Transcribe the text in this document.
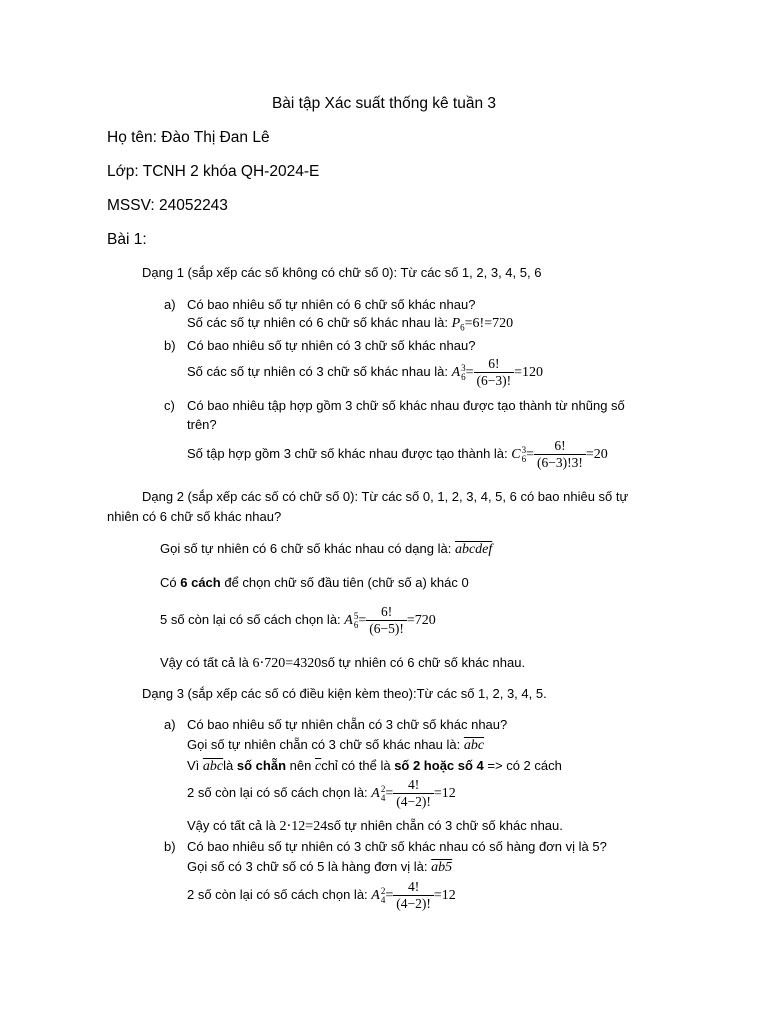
Bài tập Xác suất thống kê tuần 3
Họ tên: Đào Thị Đan Lê
Lớp: TCNH 2 khóa QH-2024-E
MSSV: 24052243
Bài 1:
Dạng 1 (sắp xếp các số không có chữ số 0): Từ các số 1, 2, 3, 4, 5, 6
a) Có bao nhiêu số tự nhiên có 6 chữ số khác nhau?
Số các số tự nhiên có 6 chữ số khác nhau là: $P_6=6!=720$
b) Có bao nhiêu số tự nhiên có 3 chữ số khác nhau?
Số các số tự nhiên có 3 chữ số khác nhau là: A 3
$6 = \frac{6!}{(6-3)!} =120$
c) Có bao nhiêu tập hợp gồm 3 chữ số khác nhau được tạo thành từ nhũng số
trên?
Số tập hợp gồm 3 chữ số khác nhau được tạo thành là: C 3
$6 = \frac{6!}{(6-3)!3!} =20$
Dạng 2 (sắp xếp các số có chữ số 0): Từ các số 0, 1, 2, 3, 4, 5, 6 có bao nhiêu số tự
nhiên có 6 chữ số khác nhau?
Gọi số tự nhiên có 6 chữ số khác nhau có dạng là: abcdef
Có 6 cách để chọn chữ số đầu tiên (chữ số a) khác 0
5 số còn lại có số cách chọn là: A 5
$6 = \frac{6!}{(6-5)!} =720$
Vậy có tất cả là 6⋅720=4320số tự nhiên có 6 chữ số khác nhau.
Dạng 3 (sắp xếp các số có điều kiện kèm theo):Từ các số 1, 2, 3, 4, 5.
a) Có bao nhiêu số tự nhiên chẵn có 3 chữ số khác nhau?
Gọi số tự nhiên chẵn có 3 chữ số khác nhau là: $\overline{abc}$
Vì $\overline{abc}là$ số chẵn nên $\overline{c}chỉ$ có thể là số 2 hoặc số 4 => có 2 cách
2 số còn lại có số cách chọn là: A 2
$4 = \frac{4!}{(4-2)!} =12$
Vậy có tất cả là 2⋅12=24số tự nhiên chẵn có 3 chữ số khác nhau.
b) Có bao nhiêu số tự nhiên có 3 chữ số khác nhau có số hàng đơn vị là 5?
Gọi số có 3 chữ số có 5 là hàng đơn vị là: ab5
2 số còn lại có số cách chọn là: A 2
$4 = \frac{4!}{(4-2)!} =12$
